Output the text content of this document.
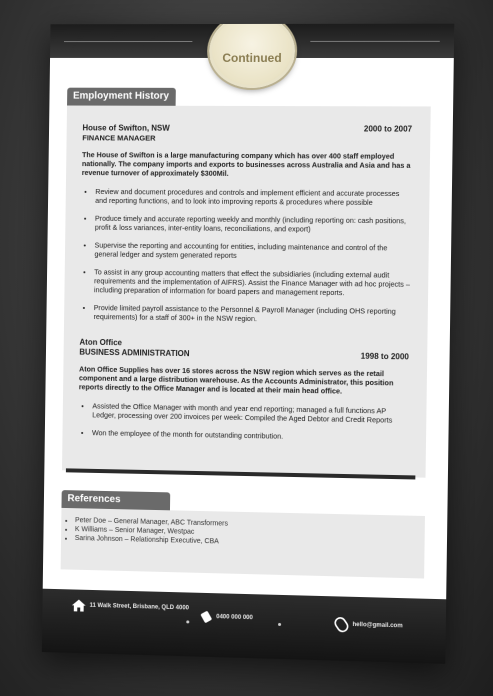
Continued
Employment History
House of Swifton, NSW	2000 to 2007
FINANCE MANAGER
The House of Swifton is a large manufacturing company which has over 400 staff employed nationally. The company imports and exports to businesses across Australia and Asia and has a revenue turnover of approximately $300Mil.
• Review and document procedures and controls and implement efficient and accurate processes and reporting functions, and to look into improving reports & procedures where possible
• Produce timely and accurate reporting weekly and monthly (including reporting on: cash positions, profit & loss variances, inter-entity loans, reconciliations, and export)
• Supervise the reporting and accounting for entities, including maintenance and control of the general ledger and system generated reports
• To assist in any group accounting matters that effect the subsidiaries (including external audit requirements and the implementation of AIFRS). Assist the Finance Manager with ad hoc projects – including preparation of information for board papers and management reports.
• Provide limited payroll assistance to the Personnel & Payroll Manager (including OHS reporting requirements) for a staff of 300+ in the NSW region.
Aton Office
BUSINESS ADMINISTRATION	1998 to 2000
Aton Office Supplies has over 16 stores across the NSW region which serves as the retail component and a large distribution warehouse. As the Accounts Administrator, this position reports directly to the Office Manager and is located at their main head office.
• Assisted the Office Manager with month and year end reporting; managed a full functions AP Ledger, processing over 200 invoices per week: Compiled the Aged Debtor and Credit Reports
• Won the employee of the month for outstanding contribution.
References
• Peter Doe – General Manager, ABC Transformers
• K Williams – Senior Manager, Westpac
• Sarina Johnson – Relationship Executive, CBA
11 Walk Street, Brisbane, QLD 4000
0400 000 000
hello@gmail.com
